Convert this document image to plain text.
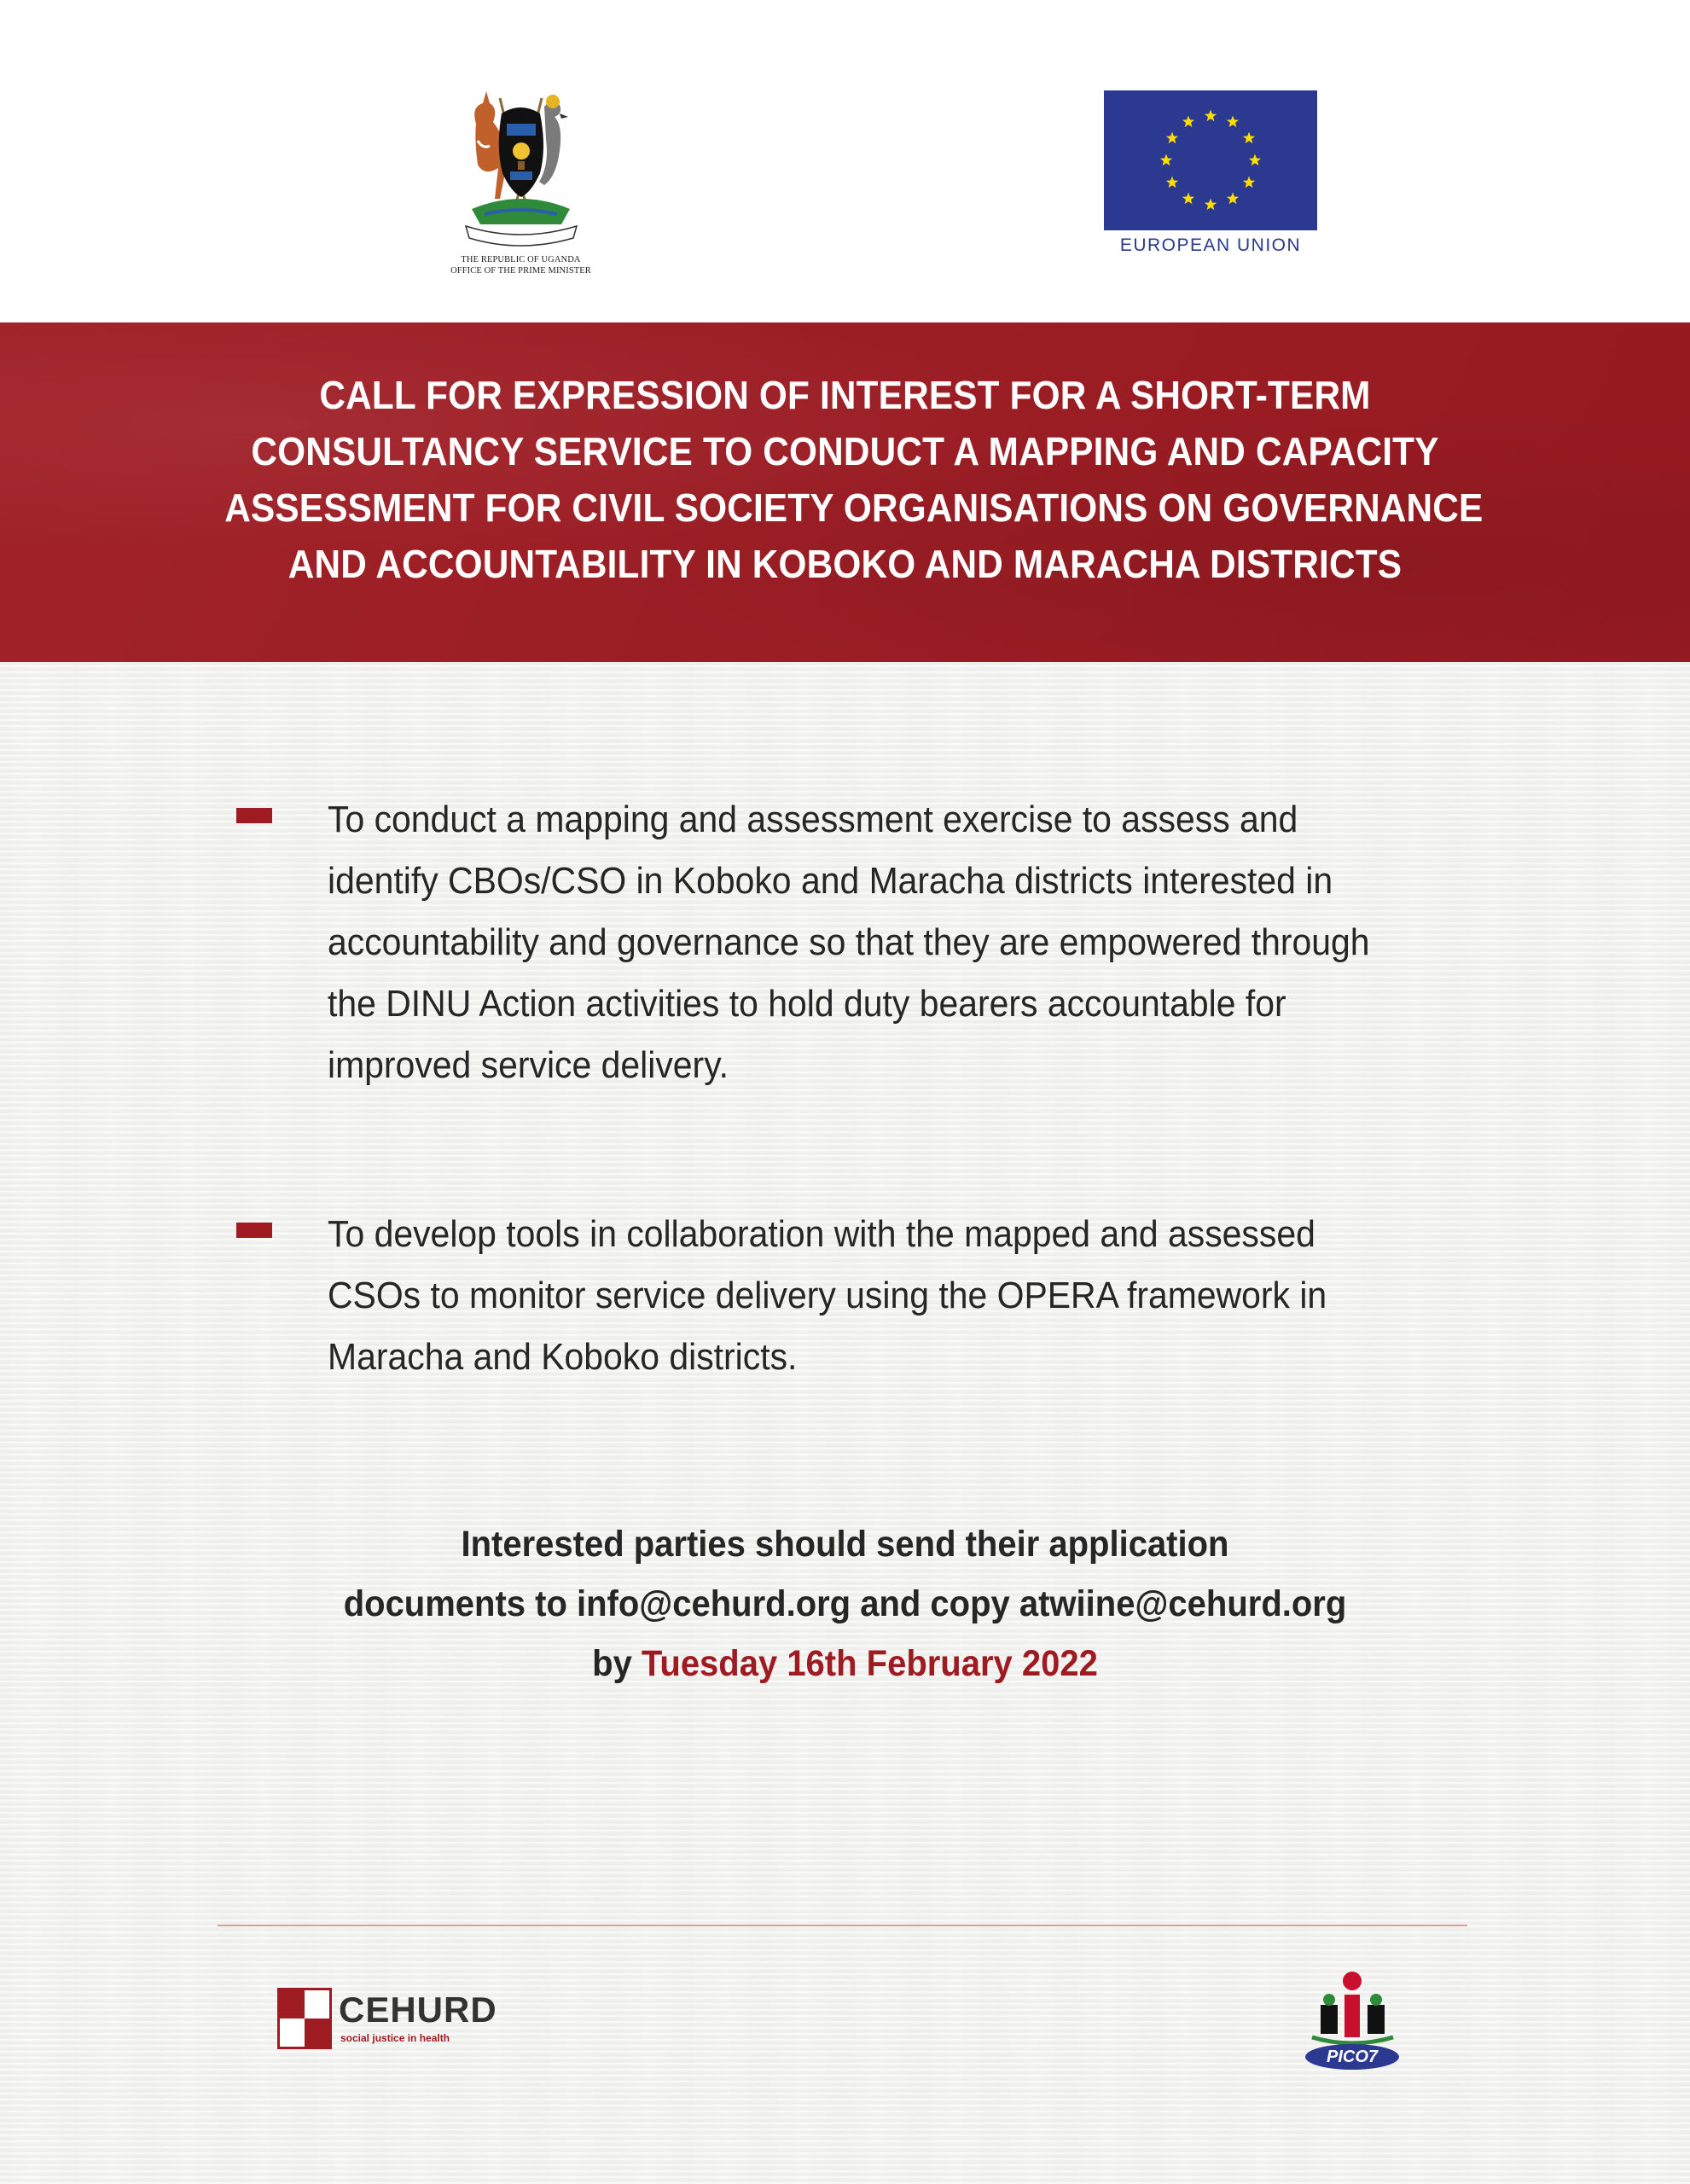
THE REPUBLIC OF UGANDA
OFFICE OF THE PRIME MINISTER
EUROPEAN UNION
CALL FOR EXPRESSION OF INTEREST FOR A SHORT-TERM
CONSULTANCY SERVICE TO CONDUCT A MAPPING AND CAPACITY
ASSESSMENT FOR CIVIL SOCIETY ORGANISATIONS ON GOVERNANCE
AND ACCOUNTABILITY IN KOBOKO AND MARACHA DISTRICTS
To conduct a mapping and assessment exercise to assess and
identify CBOs/CSO in Koboko and Maracha districts interested in
accountability and governance so that they are empowered through
the DINU Action activities to hold duty bearers accountable for
improved service delivery.
To develop tools in collaboration with the mapped and assessed
CSOs to monitor service delivery using the OPERA framework in
Maracha and Koboko districts.
Interested parties should send their application
documents to info@cehurd.org and copy atwiine@cehurd.org
by Tuesday 16th February 2022
CEHURD
social justice in health
PICO7
